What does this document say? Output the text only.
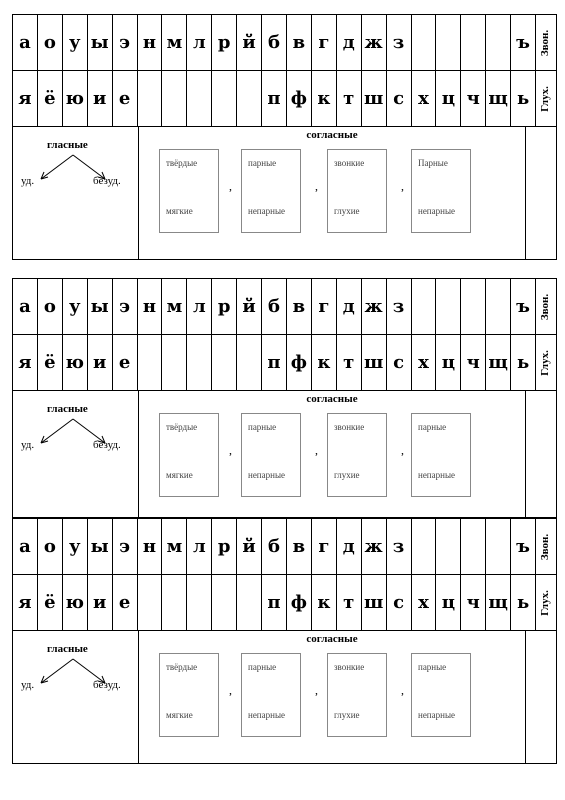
а о у ы э н м л р й б в г д ж з	ъ Звон.
я ё ю и е	п ф к т ш с х ц ч щ ь Глух.
гласные
уд.	безуд.
согласные
твёрдые
мягкие
парные
непарные
звонкие
глухие
Парные
непарные
,	,	,
а о у ы э н м л р й б в г д ж з	ъ Звон.
я ё ю и е	п ф к т ш с х ц ч щ ь Глух.
гласные
уд.	безуд.
согласные
твёрдые
мягкие
парные
непарные
звонкие
глухие
парные
непарные
,	,	,
а о у ы э н м л р й б в г д ж з	ъ Звон.
я ё ю и е	п ф к т ш с х ц ч щ ь Глух.
гласные
уд.	безуд.
согласные
твёрдые
мягкие
парные
непарные
звонкие
глухие
парные
непарные
,	,	,
